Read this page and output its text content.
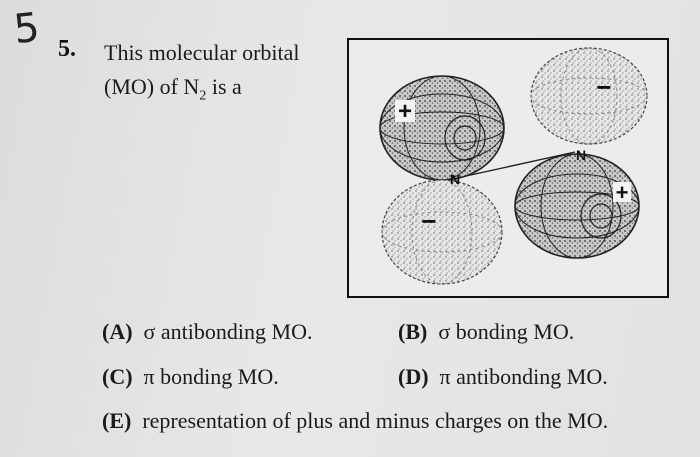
5 5. This molecular orbital
(MO) of $N_2$ is a
+
−
−
+
N
N
(A) σ antibonding MO.	(B) σ bonding MO.
(C) π bonding MO.	(D) π antibonding MO.
(E) representation of plus and minus charges on the MO.
